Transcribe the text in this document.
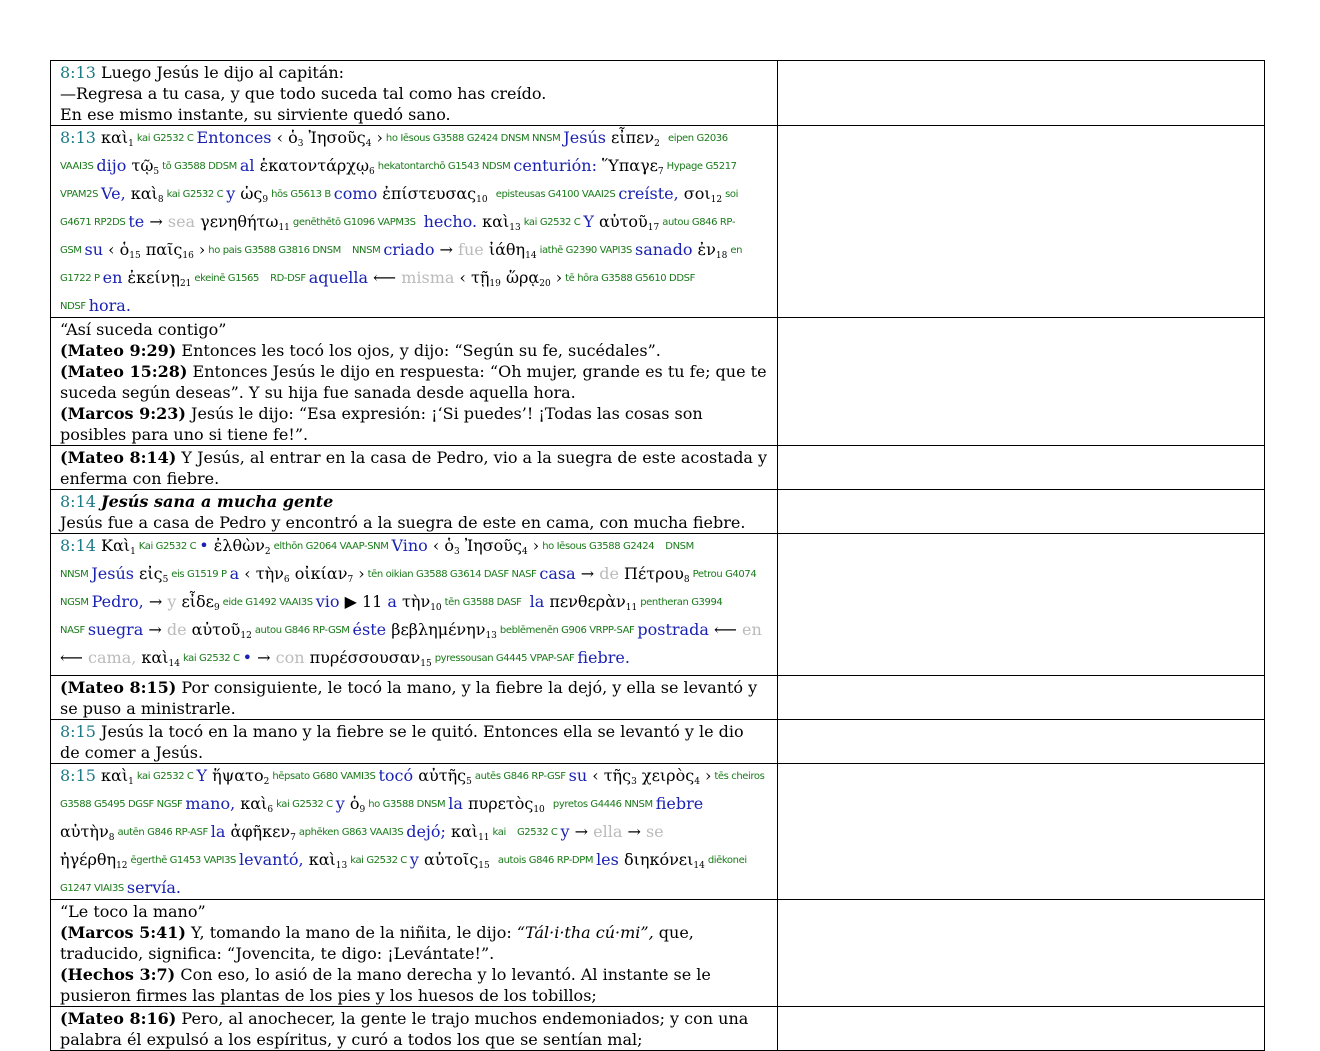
8:13 Luego Jesús le dijo al capitán:
—Regresa a tu casa, y que todo suceda tal como has creído.
En ese mismo instante, su sirviente quedó sano.	

8:13 καὶ$_1$ kai G2532 C Entonces ‹ ὁ$_3$ Ἰησοῦς$_4$ › ho Iēsous G3588 G2424 DNSM NNSM Jesús εἶπεν$_2$ eipen G2036 VAAI3S dijo τῷ$_5$ tō G3588 DDSM al ἑκατοντάρχῳ$_6$ hekatontarchō G1543 NDSM centurión: Ὕπαγε$_7$ Hypage G5217 VPAM2S Ve, καὶ$_8$ kai G2532 C y ὡς$_9$ hōs G5613 B como ἐπίστευσας$_{10}$ episteusas G4100 VAAI2S creíste, σοι$_{12}$ soi G4671 RP2DS te → sea γενηθήτω$_{11}$ genēthētō G1096 VAPM3S hecho. καὶ$_{13}$ kai G2532 C Y αὐτοῦ$_{17}$ autou G846 RP-GSM su ‹ ὁ$_{15}$ παῖς$_{16}$ › ho pais G3588 G3816 DNSM NNSM criado → fue ἰάθη$_{14}$ iathē G2390 VAPI3S sanado ἐν$_{18}$ en G1722 P en ἐκείνῃ$_{21}$ ekeinē G1565 RD-DSF aquella ⟵ misma ‹ τῇ$_{19}$ ὥρᾳ$_{20}$ › tē hōra G3588 G5610 DDSF NDSF hora.	

“Así suceda contigo”
(Mateo 9:29) Entonces les tocó los ojos, y dijo: “Según su fe, sucédales”.
(Mateo 15:28) Entonces Jesús le dijo en respuesta: “Oh mujer, grande es tu fe; que te suceda según deseas”. Y su hija fue sanada desde aquella hora.
(Marcos 9:23) Jesús le dijo: “Esa expresión: ¡‘Si puedes’! ¡Todas las cosas son posibles para uno si tiene fe!”.	

(Mateo 8:14) Y Jesús, al entrar en la casa de Pedro, vio a la suegra de este acostada y enferma con fiebre.	

8:14 Jesús sana a mucha gente
Jesús fue a casa de Pedro y encontró a la suegra de este en cama, con mucha fiebre.	

8:14 Καὶ$_1$ Kai G2532 C • ἐλθὼν$_2$ elthōn G2064 VAAP-SNM Vino ‹ ὁ$_3$ Ἰησοῦς$_4$ › ho Iēsous G3588 G2424 DNSM NNSM Jesús εἰς$_5$ eis G1519 P a ‹ τὴν$_6$ οἰκίαν$_7$ › tēn oikian G3588 G3614 DASF NASF casa → de Πέτρου$_8$ Petrou G4074 NGSM Pedro, → y εἶδε$_9$ eide G1492 VAAI3S vio ▶ 11 a τὴν$_{10}$ tēn G3588 DASF la πενθερὰν$_{11}$ pentheran G3994 NASF suegra → de αὐτοῦ$_{12}$ autou G846 RP-GSM éste βεβλημένην$_{13}$ beblēmenēn G906 VRPP-SAF postrada ⟵ en ⟵ cama, καὶ$_{14}$ kai G2532 C • → con πυρέσσουσαν$_{15}$ pyressousan G4445 VPAP-SAF fiebre.	

(Mateo 8:15) Por consiguiente, le tocó la mano, y la fiebre la dejó, y ella se levantó y se puso a ministrarle.	

8:15 Jesús la tocó en la mano y la fiebre se le quitó. Entonces ella se levantó y le dio de comer a Jesús.	

8:15 καὶ$_1$ kai G2532 C Y ἥψατο$_2$ hēpsato G680 VAMI3S tocó αὐτῆς$_5$ autēs G846 RP-GSF su ‹ τῆς$_3$ χειρὸς$_4$ › tēs cheiros G3588 G5495 DGSF NGSF mano, καὶ$_6$ kai G2532 C y ὁ$_9$ ho G3588 DNSM la πυρετὸς$_{10}$ pyretos G4446 NNSM fiebre αὐτὴν$_8$ autēn G846 RP-ASF la ἀφῆκεν$_7$ aphēken G863 VAAI3S dejó; καὶ$_{11}$ kai G2532 C y → ella → se ἠγέρθη$_{12}$ ēgerthē G1453 VAPI3S levantó, καὶ$_{13}$ kai G2532 C y αὐτοῖς$_{15}$ autois G846 RP-DPM les διηκόνει$_{14}$ diēkonei G1247 VIAI3S servía.	

“Le toco la mano”
(Marcos 5:41) Y, tomando la mano de la niñita, le dijo: “Tál·i·tha cú·mi”, que, traducido, significa: “Jovencita, te digo: ¡Levántate!”.
(Hechos 3:7) Con eso, lo asió de la mano derecha y lo levantó. Al instante se le pusieron firmes las plantas de los pies y los huesos de los tobillos;	

(Mateo 8:16) Pero, al anochecer, la gente le trajo muchos endemoniados; y con una palabra él expulsó a los espíritus, y curó a todos los que se sentían mal;	
